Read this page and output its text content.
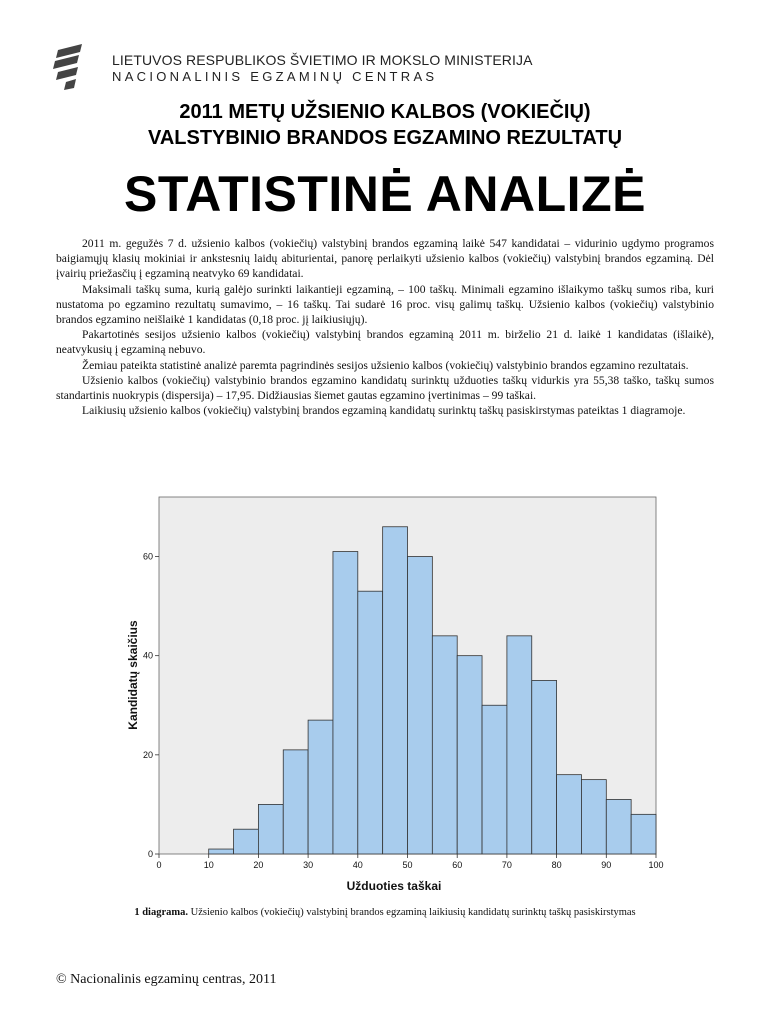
LIETUVOS RESPUBLIKOS ŠVIETIMO IR MOKSLO MINISTERIJA
NACIONALINIS EGZAMINŲ CENTRAS
2011 METŲ UŽSIENIO KALBOS (VOKIEČIŲ)
VALSTYBINIO BRANDOS EGZAMINO REZULTATŲ
STATISTINĖ ANALIZĖ

2011 m. gegužės 7 d. užsienio kalbos (vokiečių) valstybinį brandos egzaminą laikė 547 kandidatai – vidurinio ugdymo programos baigiamųjų klasių mokiniai ir ankstesnių laidų abiturientai, panorę perlaikyti užsienio kalbos (vokiečių) valstybinį brandos egzaminą. Dėl įvairių priežasčių į egzaminą neatvyko 69 kandidatai.

Maksimali taškų suma, kurią galėjo surinkti laikantieji egzaminą, – 100 taškų. Minimali egzamino išlaikymo taškų sumos riba, kuri nustatoma po egzamino rezultatų sumavimo, – 16 taškų. Tai sudarė 16 proc. visų galimų taškų. Užsienio kalbos (vokiečių) valstybinio brandos egzamino neišlaikė 1 kandidatas (0,18 proc. jį laikiusiųjų).

Pakartotinės sesijos užsienio kalbos (vokiečių) valstybinį brandos egzaminą 2011 m. birželio 21 d. laikė 1 kandidatas (išlaikė), neatvykusių į egzaminą nebuvo.

Žemiau pateikta statistinė analizė paremta pagrindinės sesijos užsienio kalbos (vokiečių) valstybinio brandos egzamino rezultatais.

Užsienio kalbos (vokiečių) valstybinio brandos egzamino kandidatų surinktų užduoties taškų vidurkis yra 55,38 taško, taškų sumos standartinis nuokrypis (dispersija) – 17,95. Didžiausias šiemet gautas egzamino įvertinimas – 99 taškai.

Laikiusių užsienio kalbos (vokiečių) valstybinį brandos egzaminą kandidatų surinktų taškų pasiskirstymas pateiktas 1 diagramoje.

0
20
40
60
0	10	20	30	40	50	60	70	80	90	100
Kandidatų skaičius
Užduoties taškai
1 diagrama. Užsienio kalbos (vokiečių) valstybinį brandos egzaminą laikiusių kandidatų surinktų taškų pasiskirstymas
© Nacionalinis egzaminų centras, 2011
